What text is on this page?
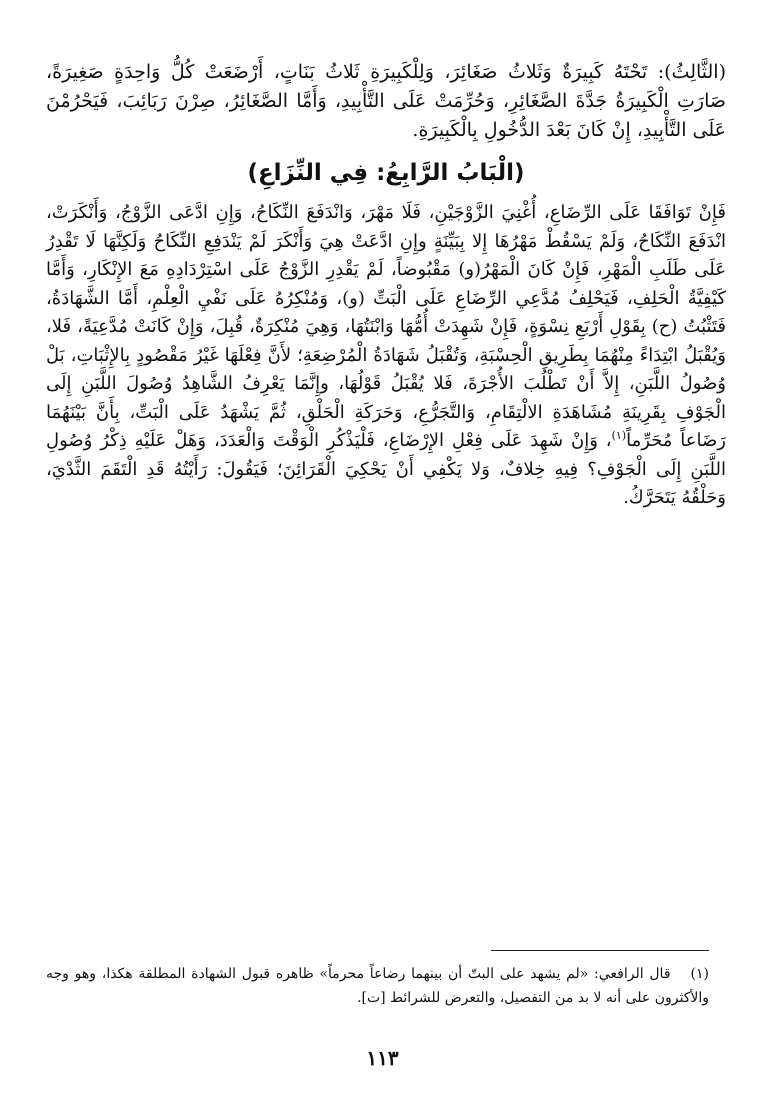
(الثَّالِثُ): تَحْتَهُ كَبِيرَةٌ وَثَلاثُ صَغَائِرَ، وَلِلْكَبِيرَةِ ثَلاثُ بَنَاتٍ، أَرْضَعَتْ كُلُّ وَاحِدَةٍ صَغِيرَةً، صَارَتِ الْكَبِيرَةُ جَدَّةَ الصَّغَائِرِ، وَحُرِّمَتْ عَلَى التَّأْبِيدِ، وَأَمَّا الصَّغَائِرُ، صِرْنَ رَبَائِبَ، فَيَحْرُمْنَ عَلَى التَّأْبِيدِ، إِنْ كَانَ بَعْدَ الدُّخُولِ بِالْكَبِيرَةِ.

(الْبَابُ الرَّابِعُ: فِي النِّزَاعِ)

فَإِنْ تَوَافَقَا عَلَى الرِّضَاعِ، أُغْنِيَ الزَّوْجَيْنِ، فَلَا مَهْرَ، وَانْدَفَعَ النِّكَاحُ، وَإِنِ ادَّعَى الزَّوْجُ، وَأَنْكَرَتْ، انْدَفَعَ النِّكَاحُ، وَلَمْ يَسْقُطْ مَهْرُهَا إِلا بِبَيِّنَةٍ وإِنِ ادَّعَتْ هِيَ وَأَنْكَرَ لَمْ يَنْدَفِعِ النِّكَاحُ وَلَكِنَّهَا لَا تَقْدِرُ عَلَى طَلَبِ الْمَهْرِ، فَإِنْ كَانَ الْمَهْرُ(و) مَقْبُوضاً، لَمْ يَقْدِرِ الزَّوْجُ عَلَى اسْتِرْدَادِهِ مَعَ الإِنْكَارِ، وَأَمَّا كَيْفِيَّةُ الْحَلِفِ، فَيَحْلِفُ مُدَّعِي الرِّضَاعِ عَلَى الْبَتِّ (و)، وَمُنْكِرُهُ عَلَى نَفْيِ الْعِلْمِ، أَمَّا الشَّهَادَةُ، فَتَثْبُتُ (ح) بِقَوْلِ أَرْبَعِ نِسْوَةٍ، فَإِنْ شَهِدَتْ أُمُّهَا وَابْنَتُهَا، وَهِيَ مُنْكِرَةٌ، قُبِلَ، وَإِنْ كَانَتْ مُدَّعِيَةً، فَلا، وَيُقْبَلُ ابْتِدَاءً مِنْهُمَا بِطَرِيقِ الْحِسْبَةِ، وَتُقْبَلُ شَهَادَةُ الْمُرْضِعَةِ؛ لأَنَّ فِعْلَهَا غَيْرُ مَقْصُودٍ بِالإِثْبَاتِ، بَلْ وُصُولُ اللَّبَنِ، إِلاَّ أَنْ تَطْلُبَ الأُجْرَةَ، فَلا يُقْبَلُ قَوْلُهَا، وإِنَّمَا يَعْرِفُ الشَّاهِدُ وُصُولَ اللَّبَنِ إِلَى الْجَوْفِ بِقَرِينَةِ مُشَاهَدَةِ الالْتِقَامِ، وَالتَّجَرُّعِ، وَحَرَكَةِ الْحَلْقِ، ثُمَّ يَشْهَدُ عَلَى الْبَتِّ، بِأَنَّ بَيْنَهُمَا رَضَاعاً مُحَرِّماً$^{(١)}$، وَإِنْ شَهِدَ عَلَى فِعْلِ الإِرْضَاعِ، فَلْيَذْكُرِ الْوَقْتَ وَالْعَدَدَ، وَهَلْ عَلَيْهِ ذِكْرُ وُصُولِ اللَّبَنِ إِلَى الْجَوْفِ؟ فِيهِ خِلافٌ، وَلا يَكْفِي أَنْ يَحْكِيَ الْقَرَائِنَ؛ فَيَقُولَ: رَأَيْتُهُ قَدِ الْتَقَمَ الثَّدْيَ، وَحَلْقُهُ يَتَحَرَّكُ.

(١)قال الرافعي: «لم يشهد على البتّ أن بينهما رضاعاً محرماً» ظاهره قبول الشهادة المطلقة هكذا، وهو وجه والأكثرون على أنه لا بد من التفصيل، والتعرض للشرائط [ت].
١١٣
